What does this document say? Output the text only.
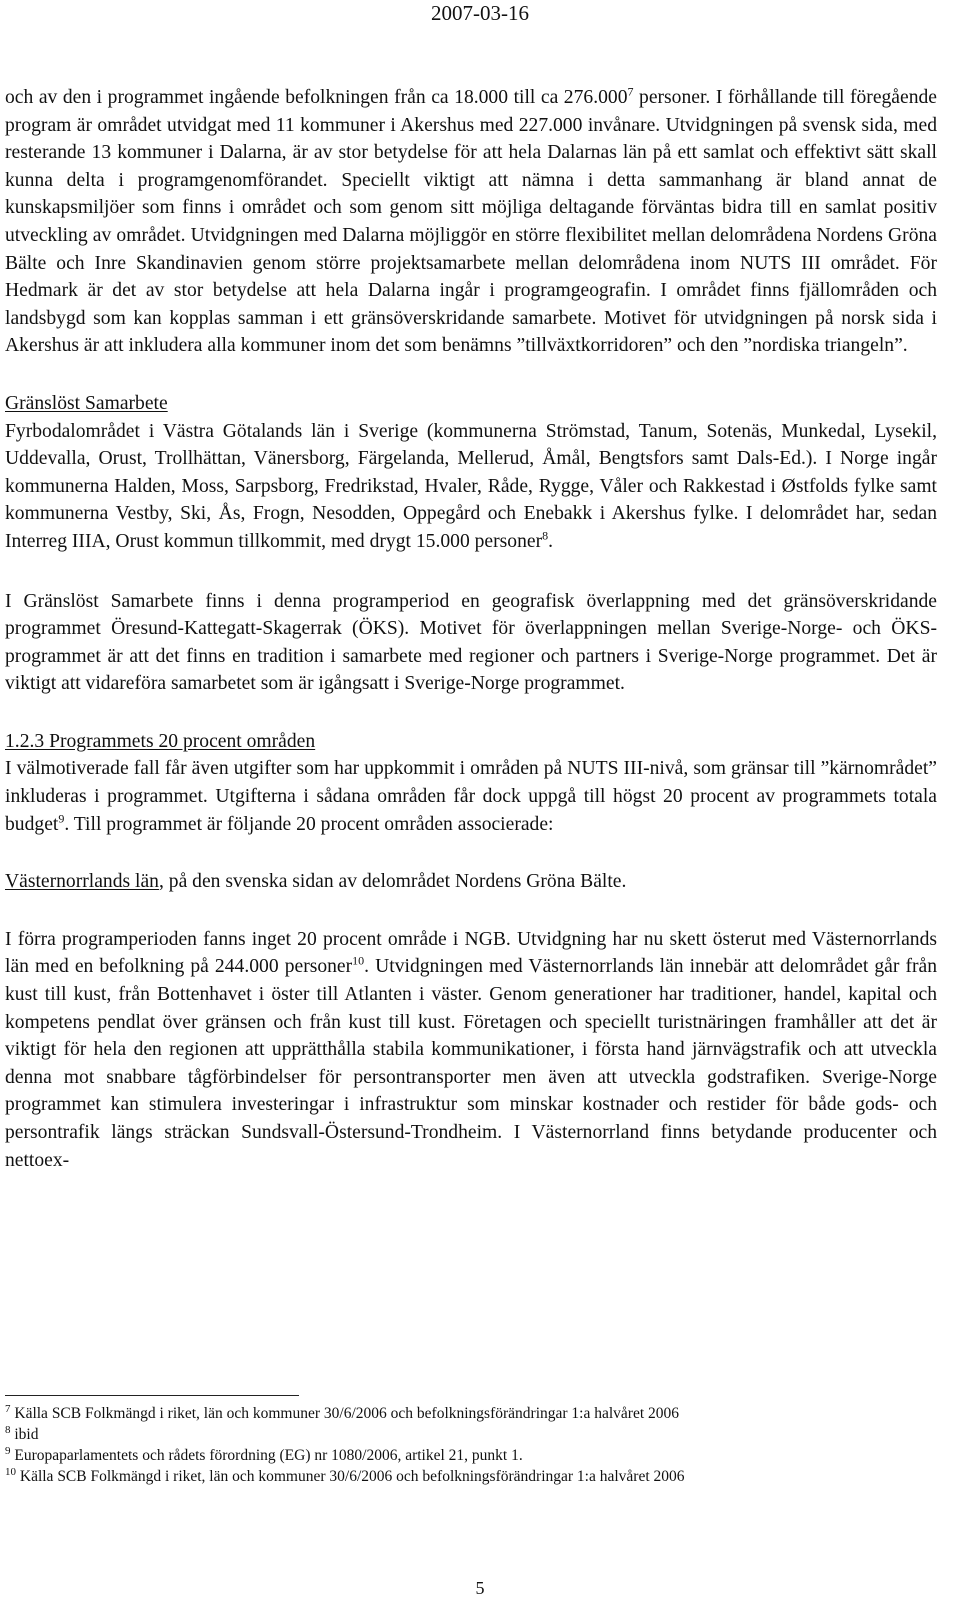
2007-03-16

och av den i programmet ingående befolkningen från ca 18.000 till ca 276.000$^7$ personer. I förhållande till föregående program är området utvidgat med 11 kommuner i Akershus med 227.000 invånare. Utvidgningen på svensk sida, med resterande 13 kommuner i Dalarna, är av stor betydelse för att hela Dalarnas län på ett samlat och effektivt sätt skall kunna delta i programgenomförandet. Speciellt viktigt att nämna i detta sammanhang är bland annat de kunskapsmiljöer som finns i området och som genom sitt möjliga deltagande förväntas bidra till en samlat positiv utveckling av området. Utvidgningen med Dalarna möjliggör en större flexibilitet mellan delområdena Nordens Gröna Bälte och Inre Skandinavien genom större projektsamarbete mellan delområdena inom NUTS III området. För Hedmark är det av stor betydelse att hela Dalarna ingår i programgeografin. I området finns fjällområden och landsbygd som kan kopplas samman i ett gränsöverskridande samarbete. Motivet för utvidgningen på norsk sida i Akershus är att inkludera alla kommuner inom det som benämns ”tillväxtkorridoren” och den ”nordiska triangeln”.

Gränslöst Samarbete

Fyrbodalområdet i Västra Götalands län i Sverige (kommunerna Strömstad, Tanum, Sotenäs, Munkedal, Lysekil, Uddevalla, Orust, Trollhättan, Vänersborg, Färgelanda, Mellerud, Åmål, Bengtsfors samt Dals-Ed.). I Norge ingår kommunerna Halden, Moss, Sarpsborg, Fredrikstad, Hvaler, Råde, Rygge, Våler och Rakkestad i Østfolds fylke samt kommunerna Vestby, Ski, Ås, Frogn, Nesodden, Oppegård och Enebakk i Akershus fylke. I delområdet har, sedan Interreg IIIA, Orust kommun tillkommit, med drygt 15.000 personer$^8$.

I Gränslöst Samarbete finns i denna programperiod en geografisk överlappning med det gränsöverskridande programmet Öresund-Kattegatt-Skagerrak (ÖKS). Motivet för överlappningen mellan Sverige-Norge- och ÖKS-programmet är att det finns en tradition i samarbete med regioner och partners i Sverige-Norge programmet. Det är viktigt att vidareföra samarbetet som är igångsatt i Sverige-Norge programmet.

1.2.3 Programmets 20 procent områden

I välmotiverade fall får även utgifter som har uppkommit i områden på NUTS III-nivå, som gränsar till ”kärnområdet” inkluderas i programmet. Utgifterna i sådana områden får dock uppgå till högst 20 procent av programmets totala budget$^9$. Till programmet är följande 20 procent områden associerade:

Västernorrlands län, på den svenska sidan av delområdet Nordens Gröna Bälte.

I förra programperioden fanns inget 20 procent område i NGB. Utvidgning har nu skett österut med Västernorrlands län med en befolkning på 244.000 personer$^{10}$. Utvidgningen med Västernorrlands län innebär att delområdet går från kust till kust, från Bottenhavet i öster till Atlanten i väster. Genom generationer har traditioner, handel, kapital och kompetens pendlat över gränsen och från kust till kust. Företagen och speciellt turistnäringen framhåller att det är viktigt för hela den regionen att upprätthålla stabila kommunikationer, i första hand järnvägstrafik och att utveckla denna mot snabbare tågförbindelser för persontransporter men även att utveckla godstrafiken. Sverige-Norge programmet kan stimulera investeringar i infrastruktur som minskar kostnader och restider för både gods- och persontrafik längs sträckan Sundsvall-Östersund-Trondheim. I Västernorrland finns betydande producenter och nettoex-

$^7$ Källa SCB Folkmängd i riket, län och kommuner 30/6/2006 och befolkningsförändringar 1:a halvåret 2006
$^8$ ibid
$^9$ Europaparlamentets och rådets förordning (EG) nr 1080/2006, artikel 21, punkt 1.
$^{10}$ Källa SCB Folkmängd i riket, län och kommuner 30/6/2006 och befolkningsförändringar 1:a halvåret 2006
5
